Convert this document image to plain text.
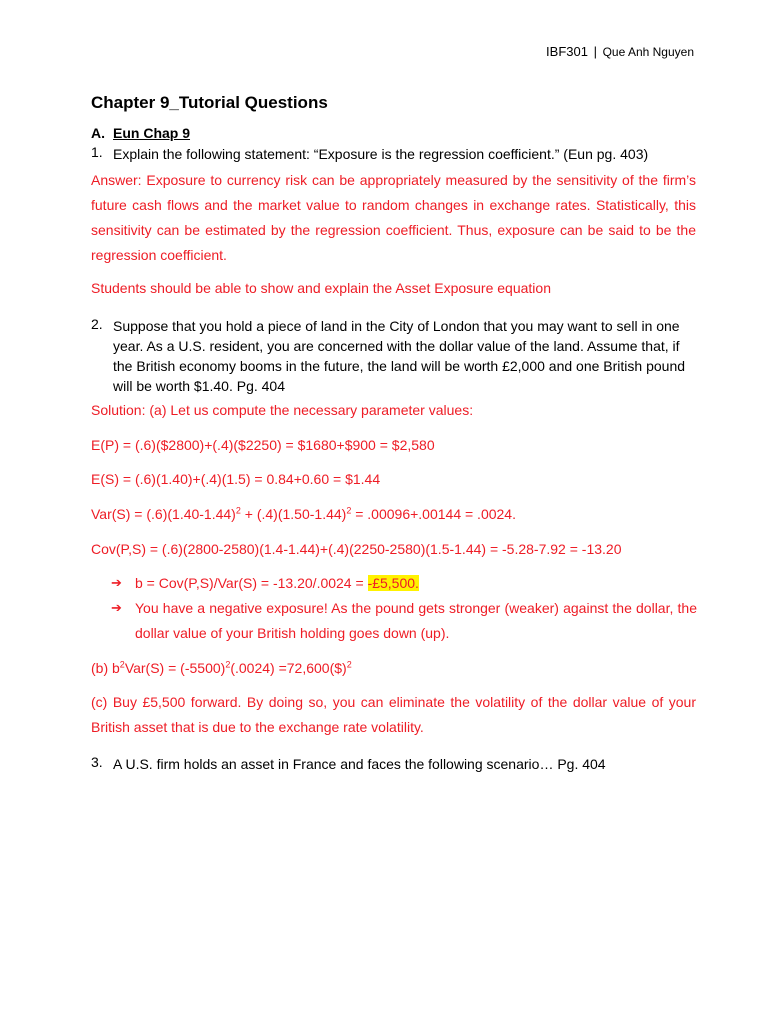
IBF301 | Que Anh Nguyen
Chapter 9_Tutorial Questions
A. Eun Chap 9
1. Explain the following statement: “Exposure is the regression coefficient.” (Eun pg. 403)
Answer: Exposure to currency risk can be appropriately measured by the sensitivity of the firm’s future cash flows and the market value to random changes in exchange rates. Statistically, this sensitivity can be estimated by the regression coefficient. Thus, exposure can be said to be the regression coefficient.
Students should be able to show and explain the Asset Exposure equation
2. Suppose that you hold a piece of land in the City of London that you may want to sell in one year. As a U.S. resident, you are concerned with the dollar value of the land. Assume that, if the British economy booms in the future, the land will be worth £2,000 and one British pound will be worth $1.40. Pg. 404
Solution: (a) Let us compute the necessary parameter values:
E(P) = (.6)($2800)+(.4)($2250) = $1680+$900 = $2,580
E(S) = (.6)(1.40)+(.4)(1.5) = 0.84+0.60 = $1.44
$Var(S) = (.6)(1.40-1.44)^2 + (.4)(1.50-1.44)^2 = .00096+.00144 = .0024$.
Cov(P,S) = (.6)(2800-2580)(1.4-1.44)+(.4)(2250-2580)(1.5-1.44) = -5.28-7.92 = -13.20
➔ b = Cov(P,S)/Var(S) = -13.20/.0024 = -£5,500.
➔ You have a negative exposure! As the pound gets stronger (weaker) against the dollar, the dollar value of your British holding goes down (up).
(b) $b^2Var(S) = (-5500)^2(.0024)$ =72,600($)$^2$
(c) Buy £5,500 forward. By doing so, you can eliminate the volatility of the dollar value of your British asset that is due to the exchange rate volatility.
3. A U.S. firm holds an asset in France and faces the following scenario… Pg. 404
